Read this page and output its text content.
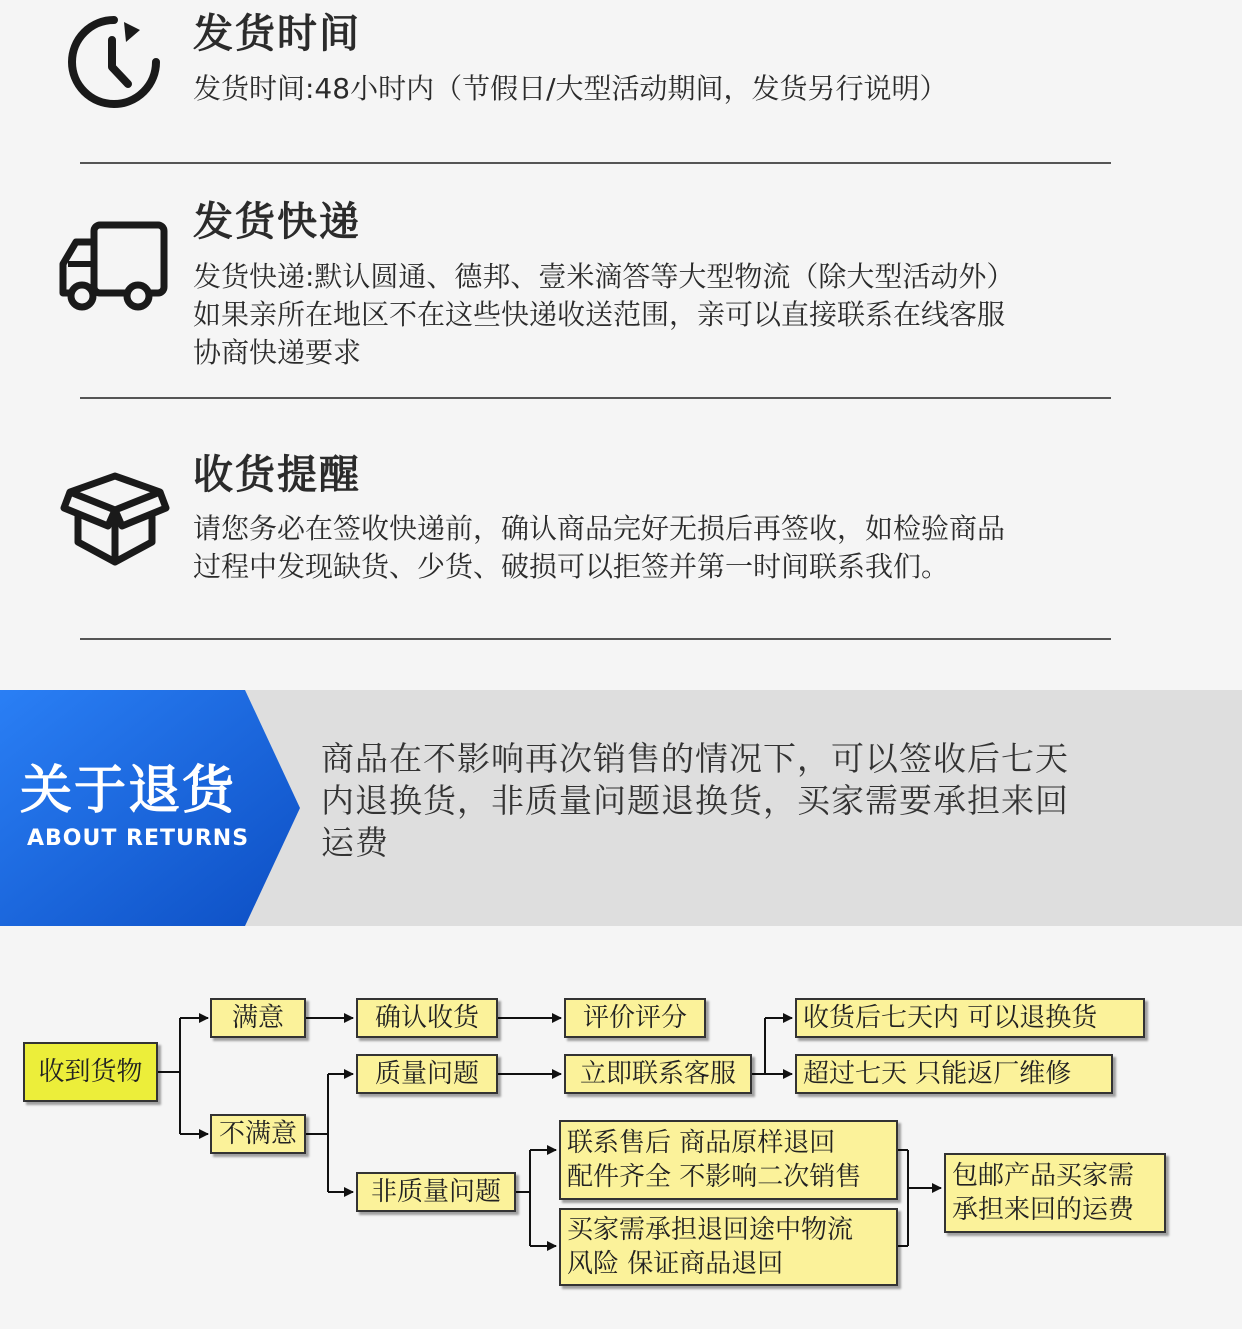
发货时间

发货时间:48小时内（节假日/大型活动期间，发货另行说明）

发货快递

发货快递:默认圆通、德邦、壹米滴答等大型物流（除大型活动外）

如果亲所在地区不在这些快递收送范围，亲可以直接联系在线客服

协商快递要求

收货提醒

请您务必在签收快递前，确认商品完好无损后再签收，如检验商品

过程中发现缺货、少货、破损可以拒签并第一时间联系我们。

关于退货
ABOUT RETURNS
商品在不影响再次销售的情况下，可以签收后七天
内退换货，非质量问题退换货，买家需要承担来回
运费
收到货物
满意	确认收货	评价评分	收货后七天内 可以退换货
质量问题	立即联系客服	超过七天 只能返厂维修
不满意
非质量问题
联系售后 商品原样退回
配件齐全 不影响二次销售
买家需承担退回途中物流
风险 保证商品退回
包邮产品买家需
承担来回的运费
